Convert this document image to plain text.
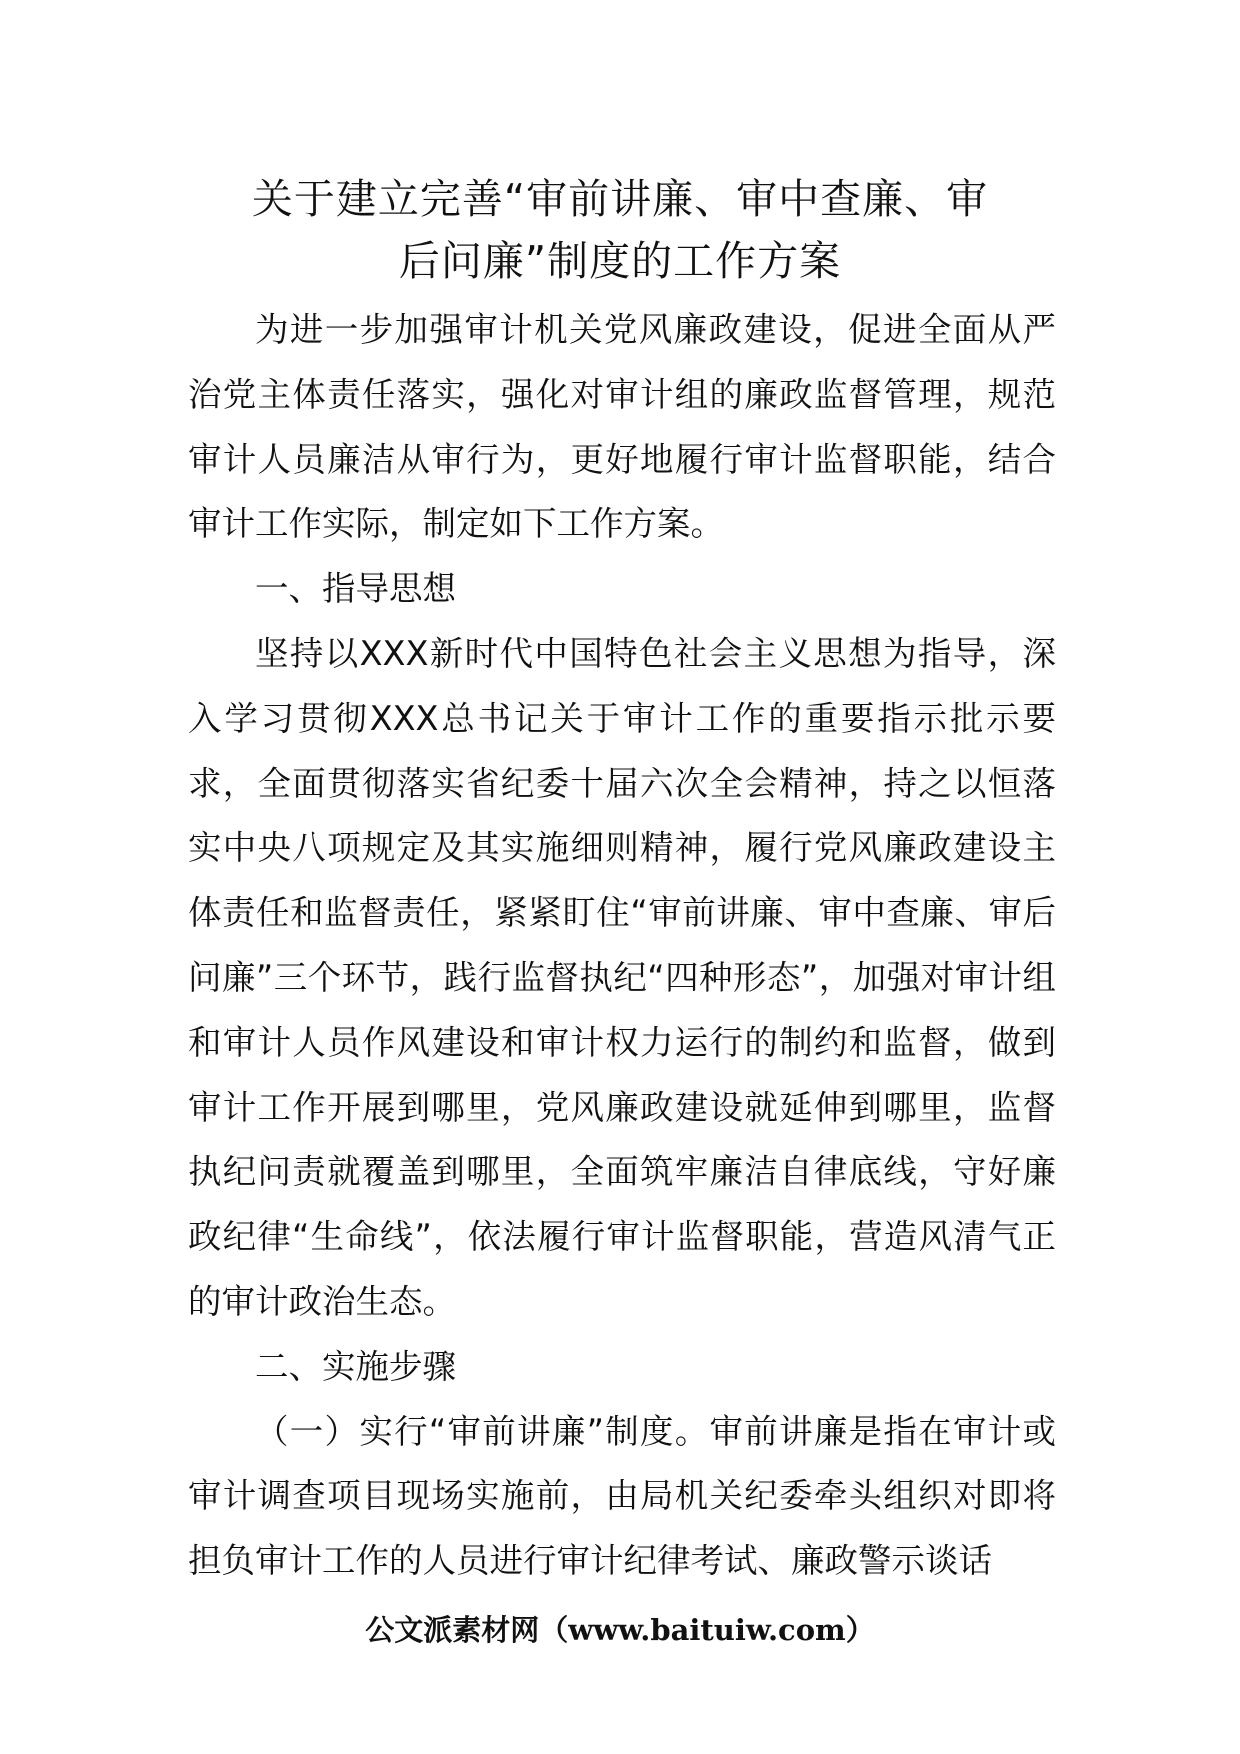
关于建立完善“审前讲廉、审中查廉、审
后问廉”制度的工作方案

为进一步加强审计机关党风廉政建设，促进全面从严治党主体责任落实，强化对审计组的廉政监督管理，规范审计人员廉洁从审行为，更好地履行审计监督职能，结合审计工作实际，制定如下工作方案。

一、指导思想

坚持以XXX新时代中国特色社会主义思想为指导，深入学习贯彻XXX总书记关于审计工作的重要指示批示要求，全面贯彻落实省纪委十届六次全会精神，持之以恒落实中央八项规定及其实施细则精神，履行党风廉政建设主体责任和监督责任，紧紧盯住“审前讲廉、审中查廉、审后问廉”三个环节，践行监督执纪“四种形态”，加强对审计组和审计人员作风建设和审计权力运行的制约和监督，做到审计工作开展到哪里，党风廉政建设就延伸到哪里，监督执纪问责就覆盖到哪里，全面筑牢廉洁自律底线，守好廉政纪律“生命线”，依法履行审计监督职能，营造风清气正的审计政治生态。

二、实施步骤

（一）实行“审前讲廉”制度。审前讲廉是指在审计或审计调查项目现场实施前，由局机关纪委牵头组织对即将担负审计工作的人员进行审计纪律考试、廉政警示谈话

公文派素材网（www.baituiw.com）
